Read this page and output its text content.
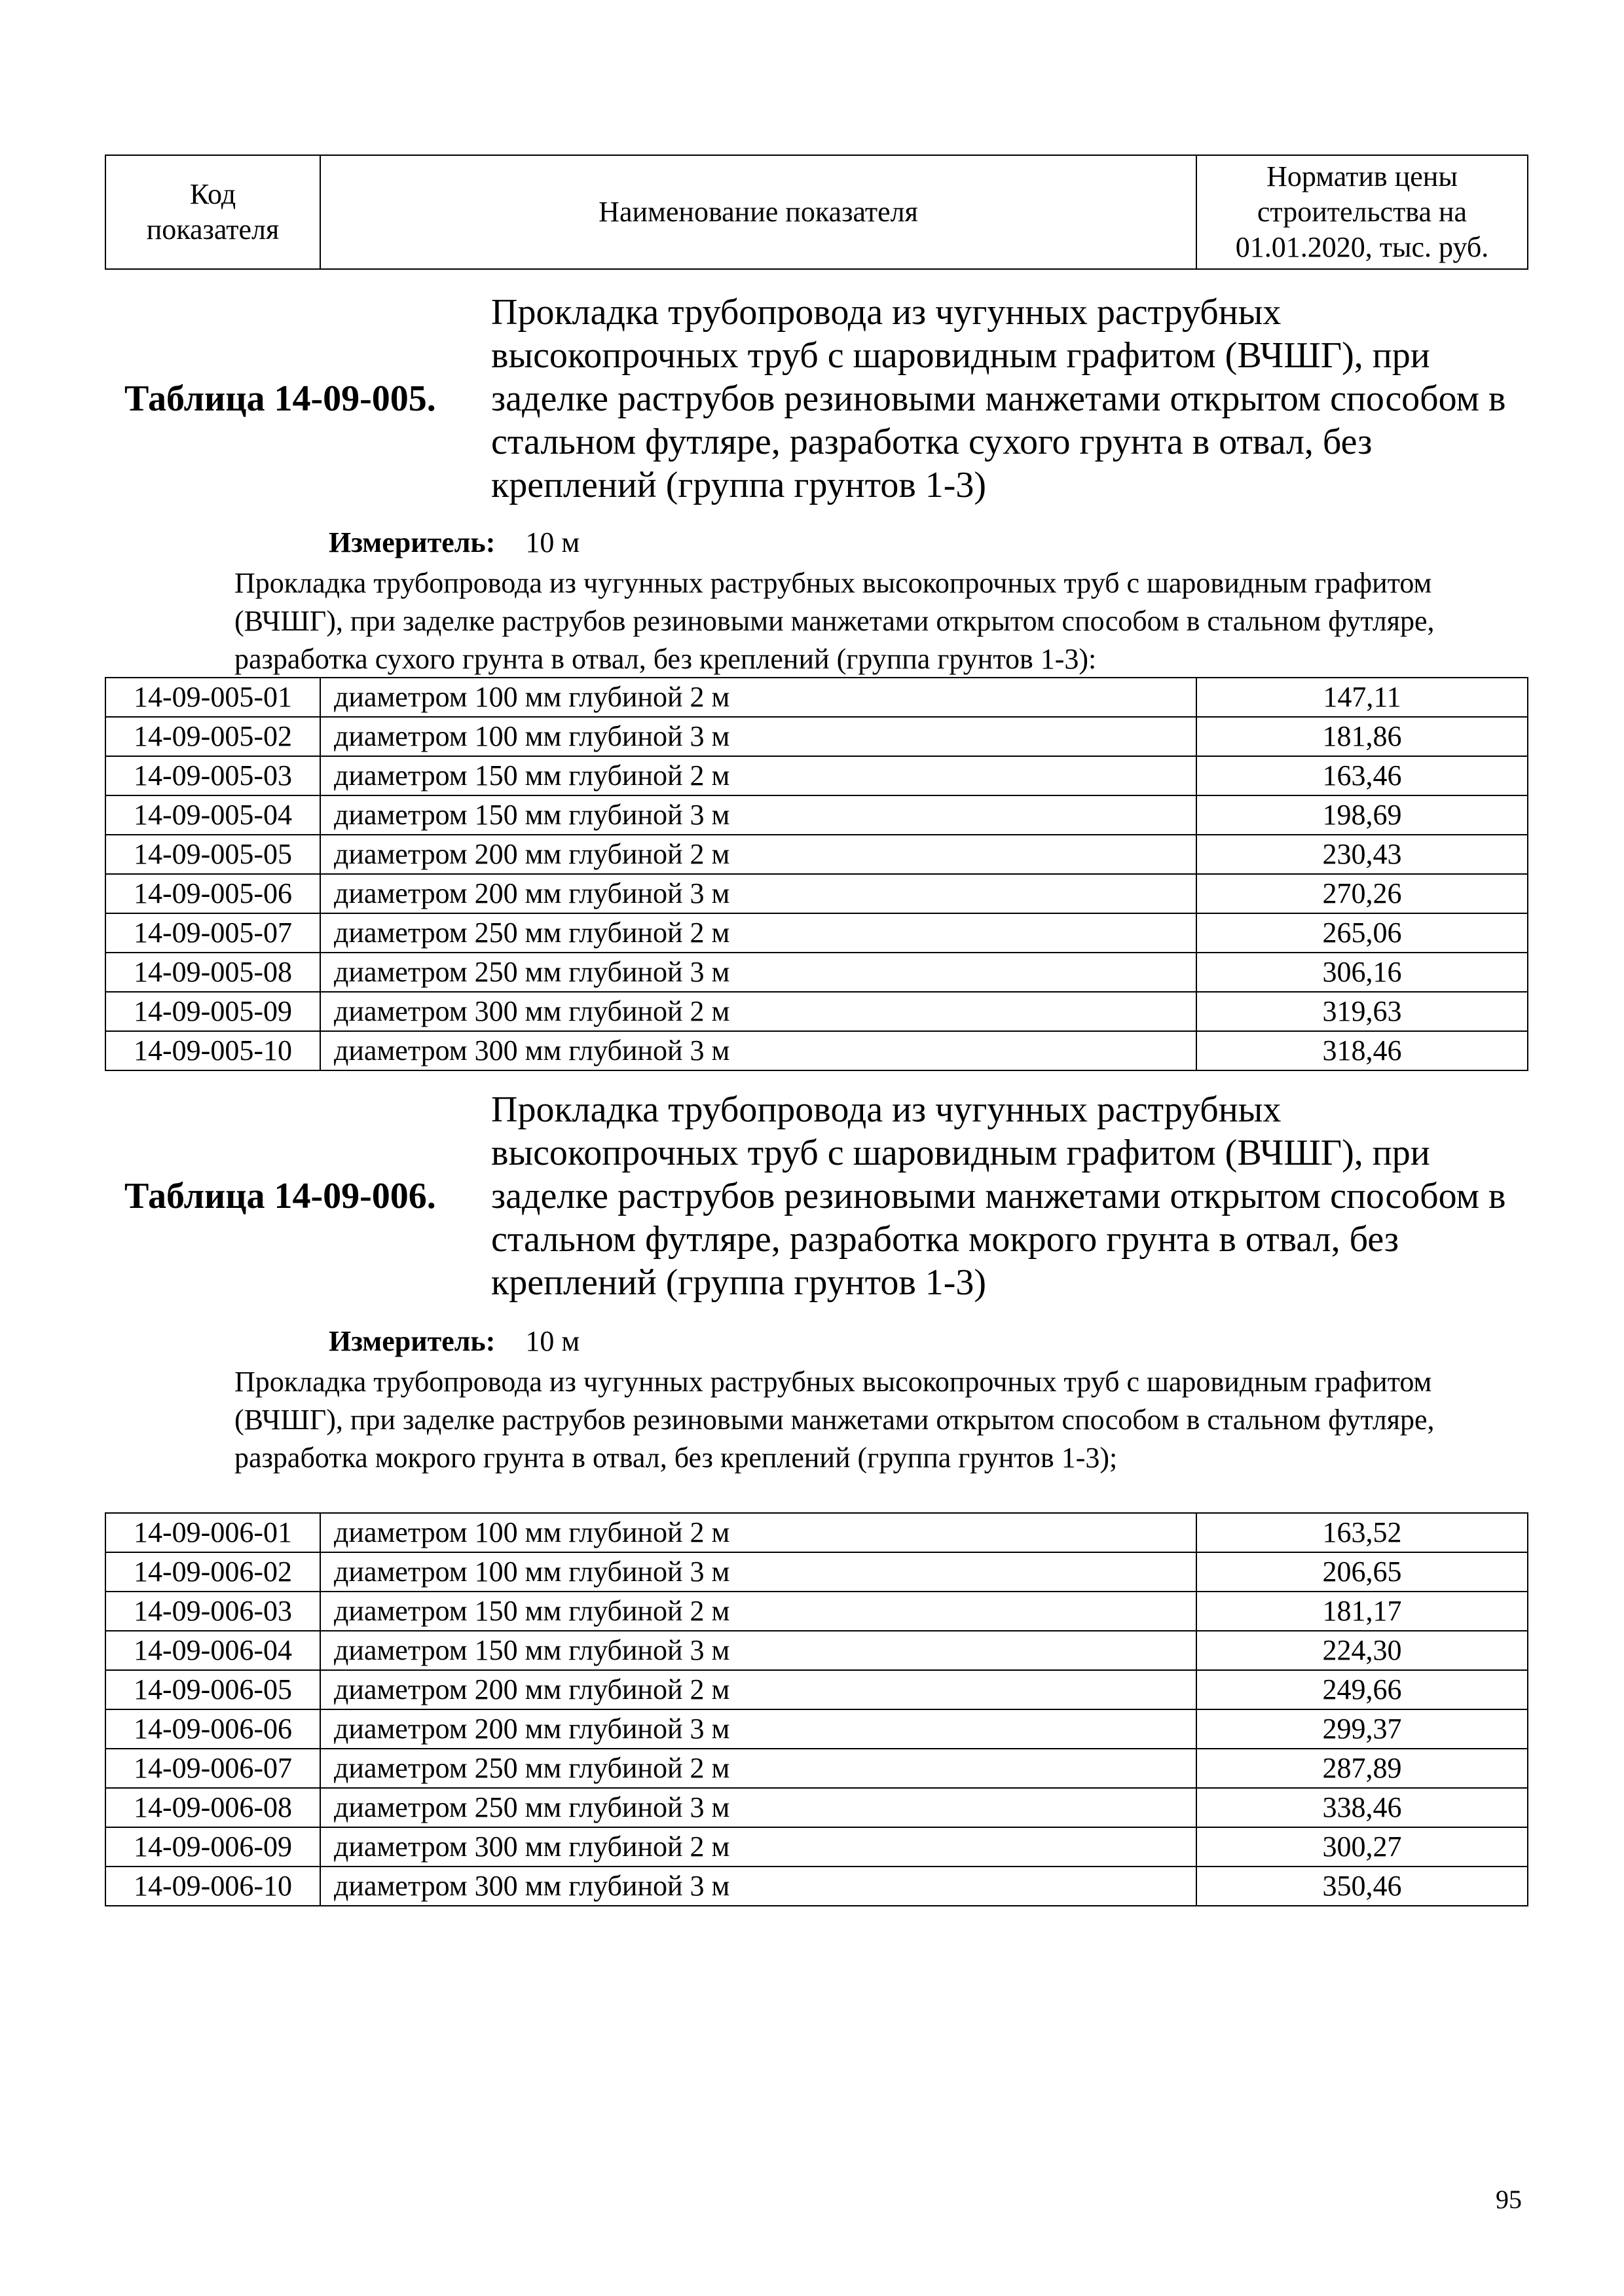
Код показателя	Наименование показателя	Норматив цены строительства на 01.01.2020, тыс. руб.
Таблица 14-09-005.
Прокладка трубопровода из чугунных раструбных высокопрочных труб с шаровидным графитом (ВЧШГ), при заделке раструбов резиновыми манжетами открытом способом в стальном футляре, разработка сухого грунта в отвал, без креплений (группа грунтов 1-3)
Измеритель: 10 м
Прокладка трубопровода из чугунных раструбных высокопрочных труб с шаровидным графитом (ВЧШГ), при заделке раструбов резиновыми манжетами открытом способом в стальном футляре, разработка сухого грунта в отвал, без креплений (группа грунтов 1-3):
14-09-005-01	диаметром 100 мм глубиной 2 м	147,11
14-09-005-02	диаметром 100 мм глубиной 3 м	181,86
14-09-005-03	диаметром 150 мм глубиной 2 м	163,46
14-09-005-04	диаметром 150 мм глубиной 3 м	198,69
14-09-005-05	диаметром 200 мм глубиной 2 м	230,43
14-09-005-06	диаметром 200 мм глубиной 3 м	270,26
14-09-005-07	диаметром 250 мм глубиной 2 м	265,06
14-09-005-08	диаметром 250 мм глубиной 3 м	306,16
14-09-005-09	диаметром 300 мм глубиной 2 м	319,63
14-09-005-10	диаметром 300 мм глубиной 3 м	318,46
Таблица 14-09-006.
Прокладка трубопровода из чугунных раструбных высокопрочных труб с шаровидным графитом (ВЧШГ), при заделке раструбов резиновыми манжетами открытом способом в стальном футляре, разработка мокрого грунта в отвал, без креплений (группа грунтов 1-3)
Измеритель: 10 м
Прокладка трубопровода из чугунных раструбных высокопрочных труб с шаровидным графитом (ВЧШГ), при заделке раструбов резиновыми манжетами открытом способом в стальном футляре, разработка мокрого грунта в отвал, без креплений (группа грунтов 1-3);
14-09-006-01	диаметром 100 мм глубиной 2 м	163,52
14-09-006-02	диаметром 100 мм глубиной 3 м	206,65
14-09-006-03	диаметром 150 мм глубиной 2 м	181,17
14-09-006-04	диаметром 150 мм глубиной 3 м	224,30
14-09-006-05	диаметром 200 мм глубиной 2 м	249,66
14-09-006-06	диаметром 200 мм глубиной 3 м	299,37
14-09-006-07	диаметром 250 мм глубиной 2 м	287,89
14-09-006-08	диаметром 250 мм глубиной 3 м	338,46
14-09-006-09	диаметром 300 мм глубиной 2 м	300,27
14-09-006-10	диаметром 300 мм глубиной 3 м	350,46
95
